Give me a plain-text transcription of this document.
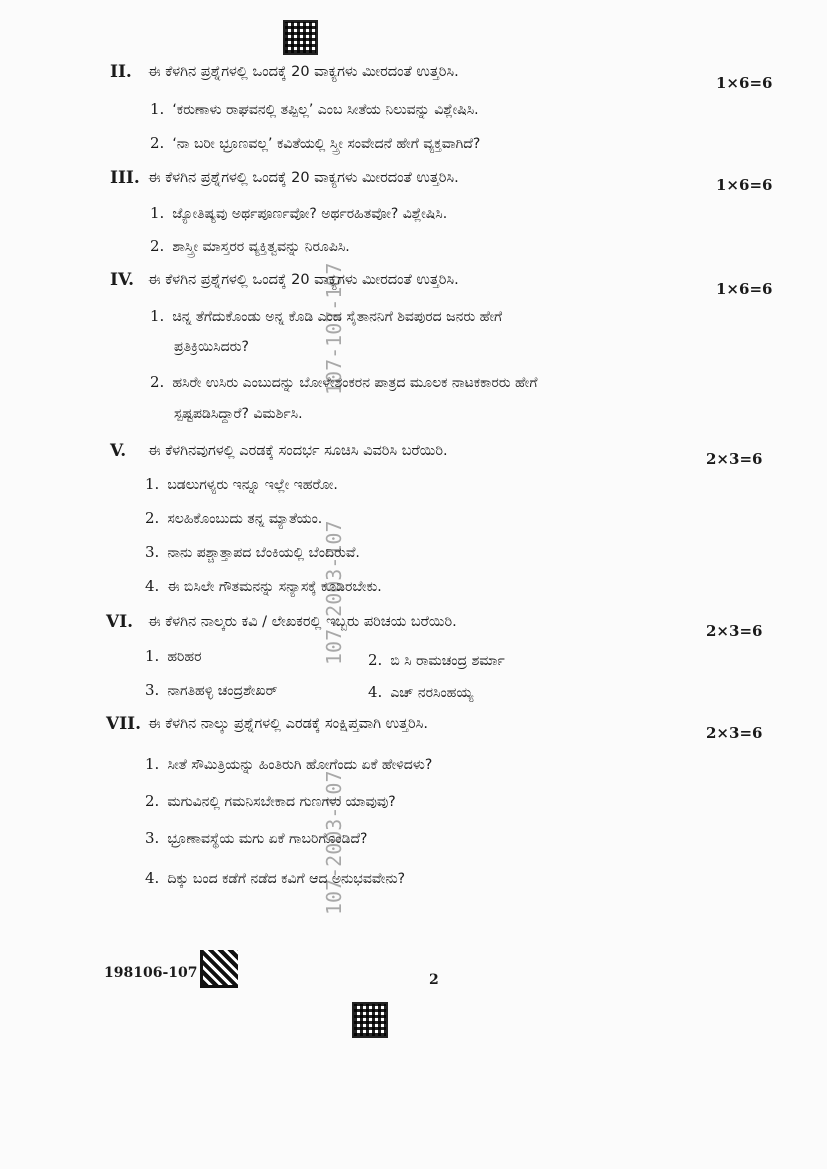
107-107-107
107-2003-107
107-2003-107
II. ಈ ಕೆಳಗಿನ ಪ್ರಶ್ನೆಗಳಲ್ಲಿ ಒಂದಕ್ಕೆ 20 ವಾಕ್ಯಗಳು ಮೀರದಂತೆ ಉತ್ತರಿಸಿ.
1×6=6
1. ‘ಕರುಣಾಳು ರಾಘವನಲ್ಲಿ ತಪ್ಪಿಲ್ಲ’ ಎಂಬ ಸೀತೆಯ ನಿಲುವನ್ನು ವಿಶ್ಲೇಷಿಸಿ.
2. ‘ನಾ ಬರೀ ಭ್ರೂಣವಲ್ಲ’ ಕವಿತೆಯಲ್ಲಿ ಸ್ತ್ರೀ ಸಂವೇದನೆ ಹೇಗೆ ವ್ಯಕ್ತವಾಗಿದೆ?
III. ಈ ಕೆಳಗಿನ ಪ್ರಶ್ನೆಗಳಲ್ಲಿ ಒಂದಕ್ಕೆ 20 ವಾಕ್ಯಗಳು ಮೀರದಂತೆ ಉತ್ತರಿಸಿ.	1×6=6
1. ಜ್ಯೋತಿಷ್ಯವು ಅರ್ಥಪೂರ್ಣವೋ? ಅರ್ಥರಹಿತವೋ? ವಿಶ್ಲೇಷಿಸಿ.
2. ಶಾಸ್ತ್ರೀ ಮಾಸ್ತರರ ವ್ಯಕ್ತಿತ್ವವನ್ನು ನಿರೂಪಿಸಿ.
IV. ಈ ಕೆಳಗಿನ ಪ್ರಶ್ನೆಗಳಲ್ಲಿ ಒಂದಕ್ಕೆ 20 ವಾಕ್ಯಗಳು ಮೀರದಂತೆ ಉತ್ತರಿಸಿ.	1×6=6
1. ಚಿನ್ನ ತೆಗೆದುಕೊಂಡು ಅನ್ನ ಕೊಡಿ ಎಂದ ಸೈತಾನನಿಗೆ ಶಿವಪುರದ ಜನರು ಹೇಗೆ
ಪ್ರತಿಕ್ರಿಯಿಸಿದರು?
2. ಹಸಿರೇ ಉಸಿರು ಎಂಬುದನ್ನು ಬೋಳೇಶಂಕರನ ಪಾತ್ರದ ಮೂಲಕ ನಾಟಕಕಾರರು ಹೇಗೆ
ಸ್ಪಷ್ಟಪಡಿಸಿದ್ದಾರೆ? ವಿಮರ್ಶಿಸಿ.
V. ಈ ಕೆಳಗಿನವುಗಳಲ್ಲಿ ಎರಡಕ್ಕೆ ಸಂದರ್ಭ ಸೂಚಿಸಿ ವಿವರಿಸಿ ಬರೆಯಿರಿ.	2×3=6
1. ಬಡಲುಗಳ್ಯರು ಇನ್ನೂ ಇಲ್ಲೇ ಇಹರೋ.
2. ಸಲಹಿಕೊಂಬುದು ತನ್ನ ಮ್ಯಾತೆಯಂ.
3. ನಾನು ಪಶ್ಚಾತ್ತಾಪದ ಬೆಂಕಿಯಲ್ಲಿ ಬೆಂದಿರುವೆ.
4. ಈ ಬಿಸಿಲೇ ಗೌತಮನನ್ನು ಸನ್ಯಾಸಕ್ಕೆ ಕೂಡಿರಬೇಕು.
VI. ಈ ಕೆಳಗಿನ ನಾಲ್ಕರು ಕವಿ / ಲೇಖಕರಲ್ಲಿ ಇಬ್ಬರು ಪರಿಚಯ ಬರೆಯಿರಿ.	2×3=6
1. ಹರಿಹರ	2. ಬಿ ಸಿ ರಾಮಚಂದ್ರ ಶರ್ಮಾ
3. ನಾಗತಿಹಳ್ಳಿ ಚಂದ್ರಶೇಖರ್	4. ಎಚ್ ನರಸಿಂಹಯ್ಯ
VII. ಈ ಕೆಳಗಿನ ನಾಲ್ಕು ಪ್ರಶ್ನೆಗಳಲ್ಲಿ ಎರಡಕ್ಕೆ ಸಂಕ್ಷಿಪ್ತವಾಗಿ ಉತ್ತರಿಸಿ.	2×3=6
1. ಸೀತೆ ಸೌಮಿತ್ರಿಯನ್ನು ಹಿಂತಿರುಗಿ ಹೋಗೆಂದು ಏಕೆ ಹೇಳಿದಳು?
2. ಮಗುವಿನಲ್ಲಿ ಗಮನಿಸಬೇಕಾದ ಗುಣಗಳು ಯಾವುವು?
3. ಭ್ರೂಣಾವಸ್ಥೆಯ ಮಗು ಏಕೆ ಗಾಬರಿಗೊಂಡಿದೆ?
4. ದಿಕ್ಕು ಬಂದ ಕಡೆಗೆ ನಡೆದ ಕವಿಗೆ ಆದ ಅನುಭವವೇನು?
198106-107	2
